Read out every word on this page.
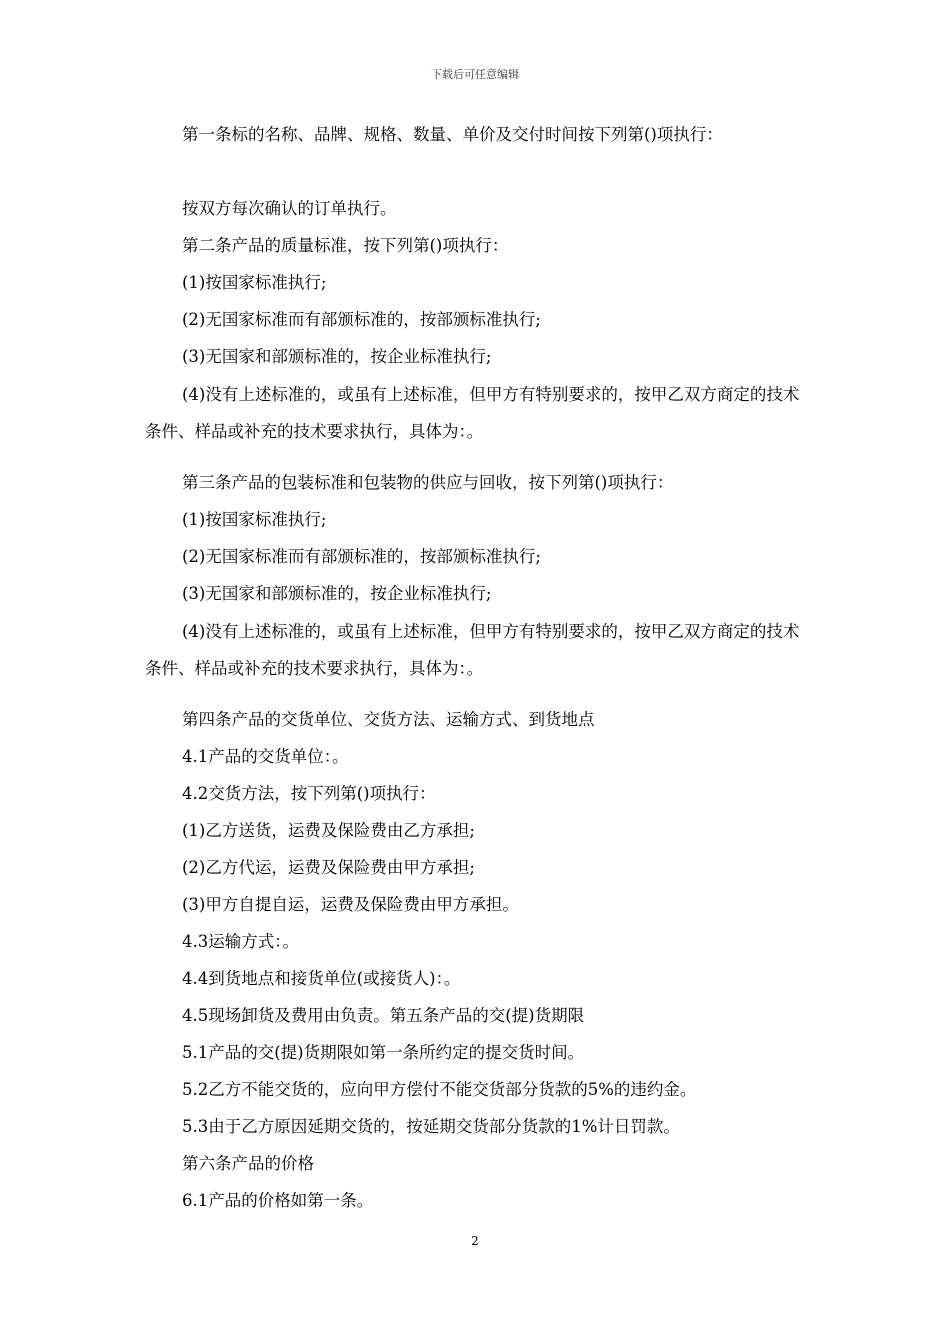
下载后可任意编辑

第一条标的名称、品牌、规格、数量、单价及交付时间按下列第()项执行：

按双方每次确认的订单执行。

第二条产品的质量标准，按下列第()项执行：

(1)按国家标准执行;

(2)无国家标准而有部颁标准的，按部颁标准执行;

(3)无国家和部颁标准的，按企业标准执行;

(4)没有上述标准的，或虽有上述标准，但甲方有特别要求的，按甲乙双方商定的技术条件、样品或补充的技术要求执行，具体为：。

第三条产品的包装标准和包装物的供应与回收，按下列第()项执行：

(1)按国家标准执行;

(2)无国家标准而有部颁标准的，按部颁标准执行;

(3)无国家和部颁标准的，按企业标准执行;

(4)没有上述标准的，或虽有上述标准，但甲方有特别要求的，按甲乙双方商定的技术条件、样品或补充的技术要求执行，具体为：。

第四条产品的交货单位、交货方法、运输方式、到货地点

4.1产品的交货单位：。

4.2交货方法，按下列第()项执行：

(1)乙方送货，运费及保险费由乙方承担;

(2)乙方代运，运费及保险费由甲方承担;

(3)甲方自提自运，运费及保险费由甲方承担。

4.3运输方式：。

4.4到货地点和接货单位(或接货人)：。

4.5现场卸货及费用由负责。第五条产品的交(提)货期限

5.1产品的交(提)货期限如第一条所约定的提交货时间。

5.2乙方不能交货的，应向甲方偿付不能交货部分货款的5%的违约金。

5.3由于乙方原因延期交货的，按延期交货部分货款的1%计日罚款。

第六条产品的价格

6.1产品的价格如第一条。

2
